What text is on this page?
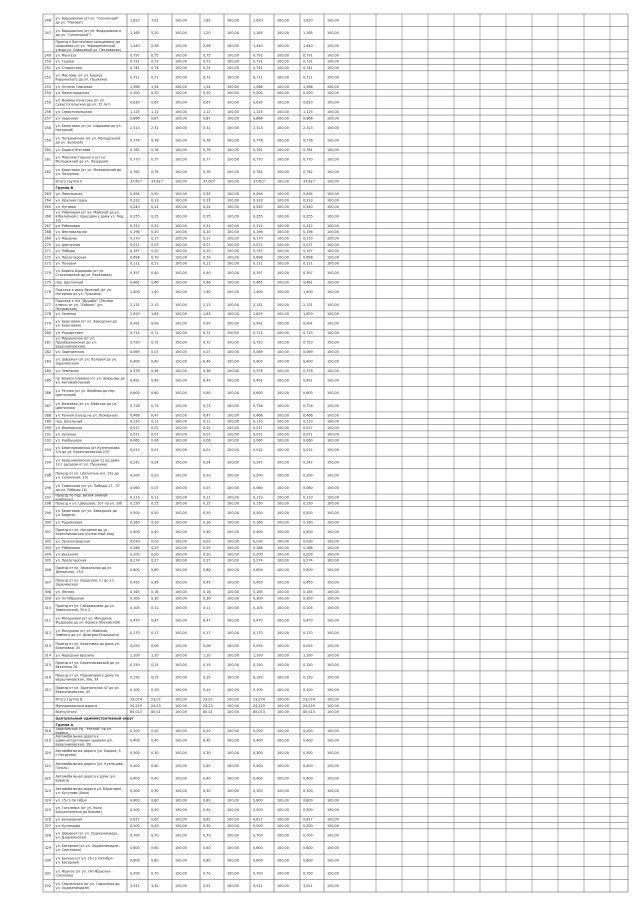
246 ул. Варшавская (от ул. "Солнечный"
до ул. "Ракова")	1,620	7,02	100,00	1,62	100,00	1,620	100,00	1,620	100,00
247 ул. Варшавская (от ул. Федоровского
до ул. "Солнечный")	1,165	5,20	100,00	1,20	100,00	1,165	100,00	1,165	100,00
Проезд к Восточному кольцевому до
Шоркаева (от ул. Чернореченской
улица ул. Совхозный ул. Петровская)
1,440	2,58	100,00	2,58	100,00	1,440	100,00	1,440	100,00
249 ул. Менгаза	0,797	0,75	100,00	0,75	100,00	0,791	100,00	0,791	100,00
250 ул. Героев	0,731	0,73	100,00	0,73	100,00	0,731	100,00	0,731	100,00
251 ул. Старостина	0,741	0,74	100,00	0,74	100,00	0,741	100,00	0,741	100,00
252 ул. Маслова (от ул. Бориса
Кореньского до ул. Пушкина)	0,711	0,71	100,00	0,71	100,00	0,711	100,00	0,711	100,00
253 ул. Оптина Гимназия	1,566	1,54	100,00	1,54	100,00	1,566	100,00	1,566	100,00
254 ул. Нижегородская	0,200	0,20	100,00	0,20	100,00	0,200	100,00	0,200	100,00
255 ул. Фомина Кочетова (от ул.
Севастопольская до ул. 15 лет)	0,630	0,67	100,00	0,67	100,00	0,630	100,00	0,630	100,00
256 ул. Севастопольская	1,125	1,12	100,00	1,12	100,00	1,125	100,00	1,125	100,00
257 ул. Заречная	0,866	0,87	100,00	0,87	100,00	0,866	100,00	0,866	100,00
258 ул. Береговая (от ул. Ширшова до ул.
Нагорной)	2,313	2,31	100,00	2,31	100,00	2,313	100,00	2,313	100,00
259 ул. Пограничная (от ул. Молодёжной
до ул. Зелёной)	0,776	0,78	100,00	0,78	100,00	0,776	100,00	0,776	100,00
260 ул. Бориса Жеглова	0,761	0,76	100,00	0,76	100,00	0,761	100,00	0,761	100,00
261 ул. Максима Горького (от ул.
Молодёжной до ул. Лазурная)	0,770	0,77	100,00	0,77	100,00	0,770	100,00	0,770	100,00
262 ул. Береговая (от ул. Молодёжной до
ул. Лазурная)	0,762	0,76	100,00	0,76	100,00	0,762	100,00	0,762	100,00
Итого Группа II	37,627	37,627	100,00	37,627	100,00	37,627	100,00	37,627	100,00
Группа В
263 ул. Пионерская	0,494	0,50	100,00	0,50	100,00	0,494	100,00	0,494	100,00
264 ул. Красная горка	0,333	0,33	100,00	0,33	100,00	0,333	100,00	0,333	100,00
265 ул. Луговая	0,240	0,24	100,00	0,24	100,00	0,240	100,00	0,240	100,00
266
ул. Рябиновая (от ул. Майской до ул.
Юбилейной с проездом к дому ул. Рид,
10)
0,255	0,25	100,00	0,25	100,00	0,255	100,00	0,255	100,00
267 ул. Рябиновая	0,312	0,31	100,00	0,31	100,00	0,312	100,00	0,312	100,00
268 ул. Фестивальная	0,196	0,20	100,00	0,20	100,00	0,196	100,00	0,196	100,00
269 ул. Марьина	0,170	0,17	100,00	0,17	100,00	0,170	100,00	0,170	100,00
270 ул. Цветочная	0,071	0,07	100,00	0,07	100,00	0,071	100,00	0,071	100,00
271 ул. Победы	0,197	0,20	100,00	0,20	100,00	0,197	100,00	0,197	100,00
272 ул. Пролетарская	0,698	0,70	100,00	0,70	100,00	0,698	100,00	0,698	100,00
273 ул. Полевая	0,111	0,11	100,00	0,11	100,00	0,111	100,00	0,111	100,00
274 ул. Бориса Ширшова (от ул.
Стахановской до ул. Березовая)	0,397	0,40	100,00	0,40	100,00	0,397	100,00	0,397	100,00
275 пер. Цветочный	0,461	0,46	100,00	0,46	100,00	0,461	100,00	0,461	100,00
276 Подъезд к дому Весёлый (от ул.
Нагорная до ул. Пушкина)	1,400	1,40	100,00	1,40	100,00	1,400	100,00	1,400	100,00
277
Подъезд к п/л "Дружба" (Тёплые
ключи) от ул. "Байкал" (ул.
Петровская)
2,131	2,13	100,00	2,13	100,00	2,131	100,00	2,131	100,00
278 ул. Зелёная	1,629	1,63	100,00	1,63	100,00	1,629	100,00	1,629	100,00
279 ул. Березовая (от ул. Заводская до
ул. Березовая)	0,991	0,99	100,00	0,99	100,00	0,991	100,00	0,991	100,00
280 ул. Рождествен	0,713	0,71	100,00	0,71	100,00	0,713	100,00	0,713	100,00
281
ул. Марьинская (от ул.
Преображенская до ул.
Березниковская)
0,720	0,72	100,00	0,72	100,00	0,720	100,00	0,720	100,00
282 ул. Заречинская	0,069	0,07	100,00	0,07	100,00	0,069	100,00	0,069	100,00
283 ул. Широкая (от ул. Полевая до ул.
Заречинская)	0,400	0,40	100,00	0,40	100,00	0,400	100,00	0,400	100,00
284 ул. Земляная	0,378	0,38	100,00	0,38	100,00	0,378	100,00	0,378	100,00
285 пр. Бориса Шорина (от ул. Ширшова до
ул. Автомобильной)	0,491	0,49	100,00	0,49	100,00	0,491	100,00	0,491	100,00
286 ул. Речная (от ул. Вербная до пер.
Цветочный)	0,600	0,60	100,00	0,60	100,00	0,600	100,00	0,600	100,00
287 ул. Межевая (от ул. Майская до ул.
Цветочная)	0,726	0,73	100,00	0,73	100,00	0,726	100,00	0,726	100,00
288 ул. Речная (съезд на ул. Пожарная)	0,466	0,47	100,00	0,47	100,00	0,466	100,00	0,466	100,00
289 пер. Школьный	0,110	0,11	100,00	0,11	100,00	0,110	100,00	0,110	100,00
290 ул. Ивановская	0,017	0,02	100,00	0,02	100,00	0,017	100,00	0,017	100,00
291 ул. Зелёная	0,071	0,07	100,00	0,07	100,00	0,071	100,00	0,071	100,00
292 ул. Карбышева	0,060	0,06	100,00	0,06	100,00	0,060	100,00	0,060	100,00
293 ул. Березниковская (от Кузнечикова
5/4 до ул. Березниковской 2/5)	0,012	0,01	100,00	0,01	100,00	0,012	100,00	0,012	100,00
294 ул. Березниковская (дом 12 до дома
10 с заездом от ул. Пушкина)	0,242	0,24	100,00	0,24	100,00	0,242	100,00	0,242	100,00
295 Проезд от ул. Шалыгина (ул. 15а до
ул. Солнечная, 10)	0,200	0,20	100,00	0,20	100,00	0,200	100,00	0,200	100,00
296 ул. Таманская (от ул. Победы 17 - 37
до ул. Победы 10)	0,060	0,07	100,00	0,07	100,00	0,060	100,00	0,060	100,00
297 Проезд по пер. Бизюк (жилой
комплекс)	0,113	0,11	100,00	0,11	100,00	0,113	100,00	0,113	100,00
298 Проезд к ул. Ширшова, 207 по ул. 33б 0,150	0,15	100,00	0,15	100,00	0,150	100,00	0,150	100,00
299 ул. Береговая (от ул. Заводская до
ул. Бориса)	0,500	0,50	100,00	0,50	100,00	0,500	100,00	0,500	100,00
300 ул. Родниковая	0,160	0,16	100,00	0,16	100,00	0,160	100,00	0,160	100,00
301 Проезд от ул. Нагорная до ул.
Березниковская (Солнечный ряд)	0,400	0,40	100,00	0,40	100,00	0,400	100,00	0,400	100,00
302 ул. Зеленоградская	0,030	0,03	100,00	0,03	100,00	0,030	100,00	0,030	100,00
303 ул. Рябиновая	0,286	0,29	100,00	0,29	100,00	0,286	100,00	0,286	100,00
304 ул. Весенняя	0,200	0,20	100,00	0,20	100,00	0,200	100,00	0,200	100,00
305 ул. Пролетарская	0,274	0,27	100,00	0,27	100,00	0,274	100,00	0,274	100,00
306 Проезд от ул. Зеркальная до ул.
Деповская, 17/1	0,800	0,80	100,00	0,80	100,00	0,800	100,00	0,800	100,00
307 Проезд от ул. Бердская, 21 до ул.
Заречинская	0,450	0,45	100,00	0,45	100,00	0,450	100,00	0,450	100,00
308 ул. Лесная	0,165	0,16	100,00	0,16	100,00	0,165	100,00	0,165	100,00
309 ул. Октябрьская	0,300	0,30	100,00	0,30	100,00	0,300	100,00	0,300	100,00
310 Проезд от ул. Гайдамакова до ул.
Заветинской, 35 к 2	0,105	0,11	100,00	0,11	100,00	0,105	100,00	0,105	100,00
311 ул. Мичуриная (от ул. Мичурина
Федорова до ул. Бориса Обуховской)	0,470	0,47	100,00	0,47	100,00	0,470	100,00	0,470	100,00
312 ул. Мичурина (от ул. Майская,
Зимнего до ул. Дмитрия Ильицкого)	0,170	0,17	100,00	0,17	100,00	0,170	100,00	0,170	100,00
313 Проезд от ул. Береговая до дома ул.
Березовая, 45	0,055	0,06	100,00	0,06	100,00	0,055	100,00	0,055	100,00
314 ул. Народная Бразиль	1,100	1,10	100,00	1,10	100,00	1,100	100,00	1,100	100,00
315 Проезд от ул. Березниковской до ул.
Весенняя 20	0,150	0,15	100,00	0,15	100,00	0,150	100,00	0,150	100,00
316 Проезд от ул. Родниковая к дому по
Березниковская, 39а, 39	0,150	0,15	100,00	0,15	100,00	0,150	100,00	0,150	100,00
317 Проезд от ул. Заречинская 47 до ул.
Березниковская, 43	0,100	0,10	100,00	0,10	100,00	0,100	100,00	0,100	100,00
Итого Группа В	23,074	23,07	100,00	23,07	100,00	23,074	100,00	23,074	100,00
Муниципальные дороги	24,229	24,23	100,00	24,23	100,00	24,229	100,00	24,229	100,00
Всего Итого	85,013	85,01	100,00	85,01	100,00	85,013	100,00	85,013	100,00
Центральный административный округ
Группа А
318 Заречинская Рд, "Ротной" пр.ул.
Бориса	0,200	0,20	100,00	0,20	100,00	0,200	100,00	0,200	100,00
319
Автомобильная дорога к
административным зданиям (ул.
Березниковская, 39)
0,400	0,40	100,00	0,40	100,00	0,400	100,00	0,400	100,00
320 Автомобильная дорога (ул. Бориса, 5
с Петрунёк)	0,300	0,30	100,00	0,30	100,00	0,300	100,00	0,300	100,00
321 Автомобильная дорога (ул. Кузнецова,
Гоголь)	0,400	0,40	100,00	0,40	100,00	0,400	100,00	0,400	100,00
322 Автомобильная дорога к дому (ул.
Бориса)	0,400	0,40	100,00	0,40	100,00	0,400	100,00	0,400	100,00
323 Автомобильная дорога ул. Береговая -
ул. Кутузова (Хоэн)	0,300	0,30	100,00	0,30	100,00	0,300	100,00	0,300	100,00
324 ул. 25-го Октября	0,800	0,80	100,00	0,80	100,00	0,800	100,00	0,800	100,00
325 ул. Гоголевка (от ул. Ноля
Багратионская до Бикова)	0,500	0,50	100,00	0,50	100,00	0,500	100,00	0,500	100,00
326 ул. Бульварная	0,617	0,62	100,00	0,62	100,00	0,617	100,00	0,617	100,00
327 ул. Кузнецова	0,500	0,50	100,00	0,50	100,00	0,500	100,00	0,500	100,00
328 ул. Широкая (от ул. Ордженикидзе -
ул. Дзержинская)	0,700	0,70	100,00	0,70	100,00	0,700	100,00	0,700	100,00
329 ул. Бисерная (от ул. Ордженикидзе -
ул. Сергеевка)	0,600	0,60	100,00	0,60	100,00	0,600	100,00	0,600	100,00
330 ул. Балкан (от ул. 25-го Октября -
ул. Бисерная)	0,800	0,80	100,00	0,80	100,00	0,800	100,00	0,800	100,00
331 ул. Фрунзе (от ул. Октябрьская -
Соколова)	0,700	0,70	100,00	0,70	100,00	0,700	100,00	0,700	100,00
332 ул. Смоленская (от ул. Совхозная до
ул. Ордженикидзе)	3,521	3,52	100,00	3,52	100,00	3,521	100,00	3,521	100,00
